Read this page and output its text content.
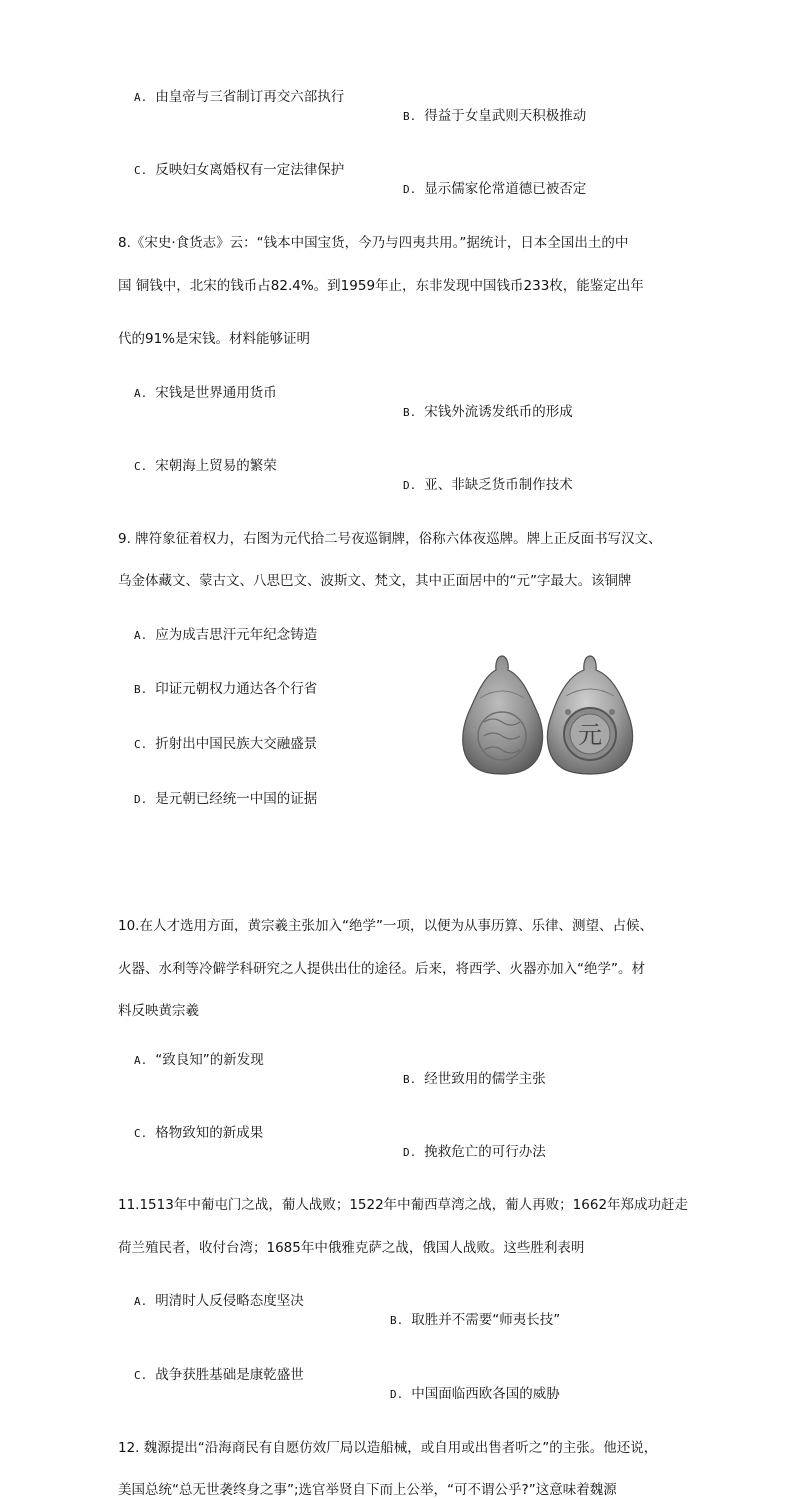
A. 由皇帝与三省制订再交六部执行
B. 得益于女皇武则天积极推动
C. 反映妇女离婚权有一定法律保护
D. 显示儒家伦常道德已被否定
8.《宋史·食货志》云：“钱本中国宝货，今乃与四夷共用。”据统计，日本全国出土的中
国 铜钱中，北宋的钱币占82.4%。到1959年止，东非发现中国钱币233枚，能鉴定出年
代的91%是宋钱。材料能够证明
A. 宋钱是世界通用货币
B. 宋钱外流诱发纸币的形成
C. 宋朝海上贸易的繁荣
D. 亚、非缺乏货币制作技术
9. 牌符象征着权力，右图为元代拾二号夜巡铜牌，俗称六体夜巡牌。牌上正反面书写汉文、
乌金体藏文、蒙古文、八思巴文、波斯文、梵文，其中正面居中的“元”字最大。该铜牌
A. 应为成吉思汗元年纪念铸造
B. 印证元朝权力通达各个行省
C. 折射出中国民族大交融盛景
D. 是元朝已经统一中国的证据
元
10.在人才选用方面，黄宗羲主张加入“绝学”一项，以便为从事历算、乐律、测望、占候、
火器、水利等冷僻学科研究之人提供出仕的途径。后来，将西学、火器亦加入“绝学”。材
料反映黄宗羲
A. “致良知”的新发现
B. 经世致用的儒学主张
C. 格物致知的新成果
D. 挽救危亡的可行办法
11.1513年中葡屯门之战，葡人战败；1522年中葡西草湾之战，葡人再败；1662年郑成功赶走
荷兰殖民者，收付台湾；1685年中俄雅克萨之战，俄国人战败。这些胜利表明
A. 明清时人反侵略态度坚决
B. 取胜并不需要“师夷长技”
C. 战争获胜基础是康乾盛世
D. 中国面临西欧各国的威胁
12. 魏源提出“沿海商民有自愿仿效厂局以造船械，或自用或出售者听之”的主张。他还说，
美国总统“总无世袭终身之事”;选官举贤自下而上公举，“可不谓公乎?”这意味着魏源
